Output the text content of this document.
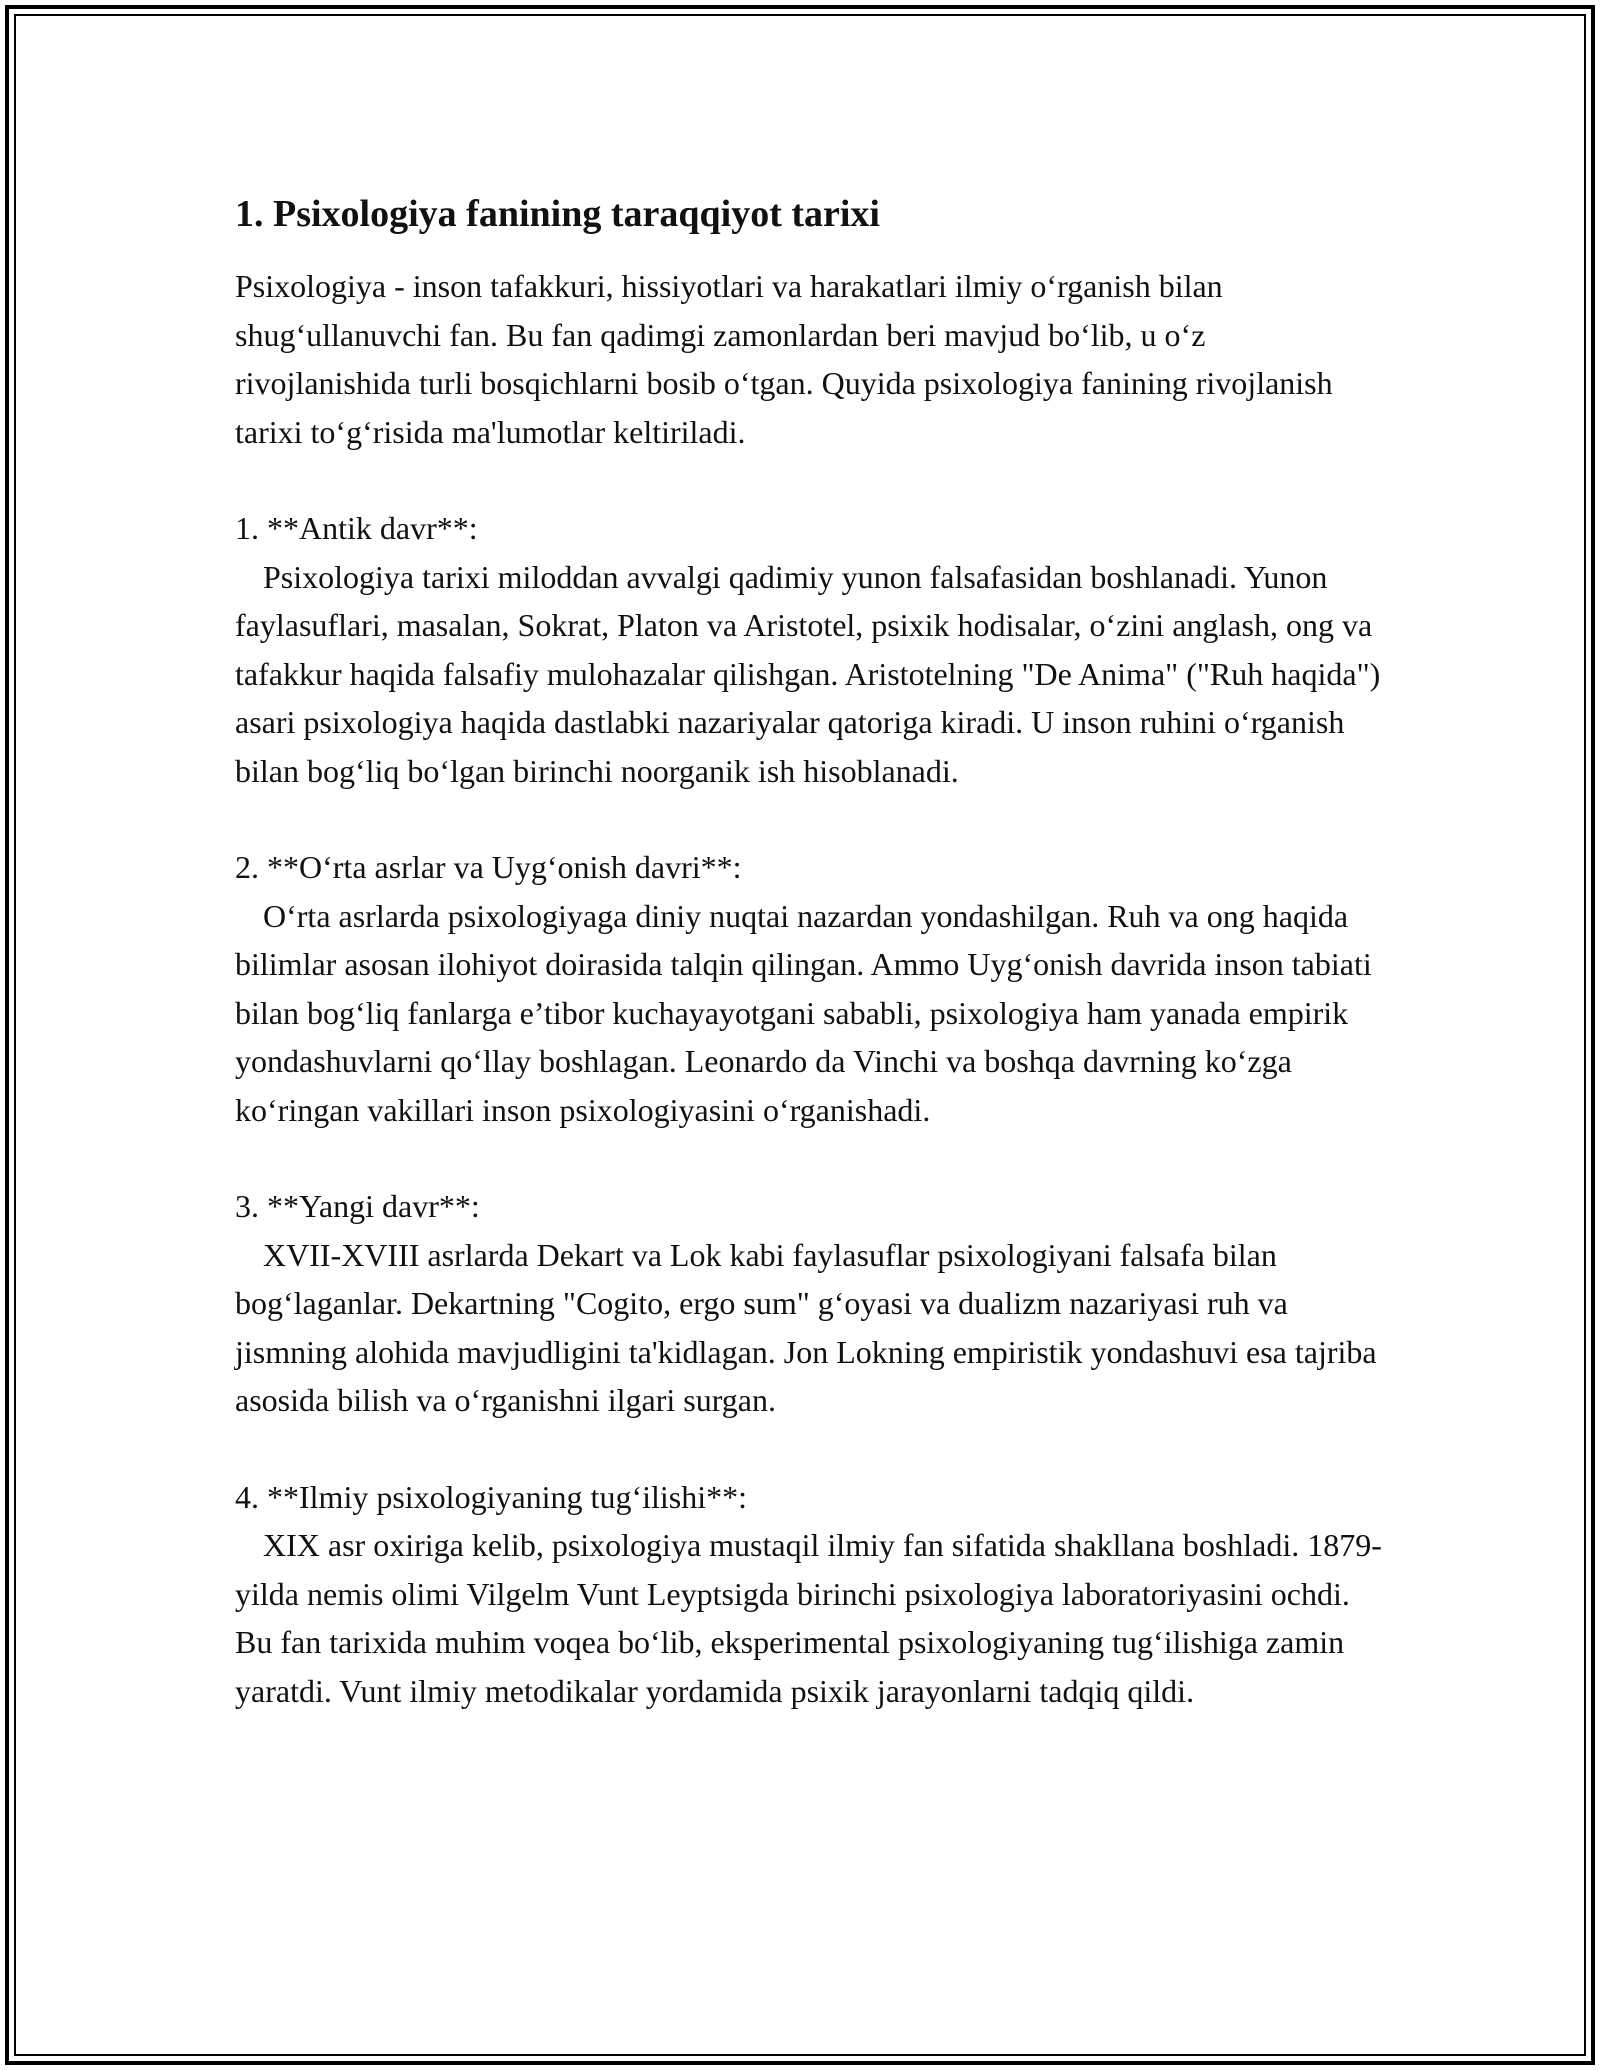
1. Psixologiya fanining taraqqiyot tarixi

Psixologiya - inson tafakkuri, hissiyotlari va harakatlari ilmiy o‘rganish bilan shug‘ullanuvchi fan. Bu fan qadimgi zamonlardan beri mavjud bo‘lib, u o‘z rivojlanishida turli bosqichlarni bosib o‘tgan. Quyida psixologiya fanining rivojlanish tarixi to‘g‘risida ma'lumotlar keltiriladi.

1. **Antik davr**:

Psixologiya tarixi miloddan avvalgi qadimiy yunon falsafasidan boshlanadi. Yunon faylasuflari, masalan, Sokrat, Platon va Aristotel, psixik hodisalar, o‘zini anglash, ong va tafakkur haqida falsafiy mulohazalar qilishgan. Aristotelning "De Anima" ("Ruh haqida") asari psixologiya haqida dastlabki nazariyalar qatoriga kiradi. U inson ruhini o‘rganish bilan bog‘liq bo‘lgan birinchi noorganik ish hisoblanadi.

2. **O‘rta asrlar va Uyg‘onish davri**:

O‘rta asrlarda psixologiyaga diniy nuqtai nazardan yondashilgan. Ruh va ong haqida bilimlar asosan ilohiyot doirasida talqin qilingan. Ammo Uyg‘onish davrida inson tabiati bilan bog‘liq fanlarga e’tibor kuchayayotgani sababli, psixologiya ham yanada empirik yondashuvlarni qo‘llay boshlagan. Leonardo da Vinchi va boshqa davrning ko‘zga ko‘ringan vakillari inson psixologiyasini o‘rganishadi.

3. **Yangi davr**:

XVII-XVIII asrlarda Dekart va Lok kabi faylasuflar psixologiyani falsafa bilan bog‘laganlar. Dekartning "Cogito, ergo sum" g‘oyasi va dualizm nazariyasi ruh va jismning alohida mavjudligini ta'kidlagan. Jon Lokning empiristik yondashuvi esa tajriba asosida bilish va o‘rganishni ilgari surgan.

4. **Ilmiy psixologiyaning tug‘ilishi**:

XIX asr oxiriga kelib, psixologiya mustaqil ilmiy fan sifatida shakllana boshladi. 1879-yilda nemis olimi Vilgelm Vunt Leyptsigda birinchi psixologiya laboratoriyasini ochdi. Bu fan tarixida muhim voqea bo‘lib, eksperimental psixologiyaning tug‘ilishiga zamin yaratdi. Vunt ilmiy metodikalar yordamida psixik jarayonlarni tadqiq qildi.
